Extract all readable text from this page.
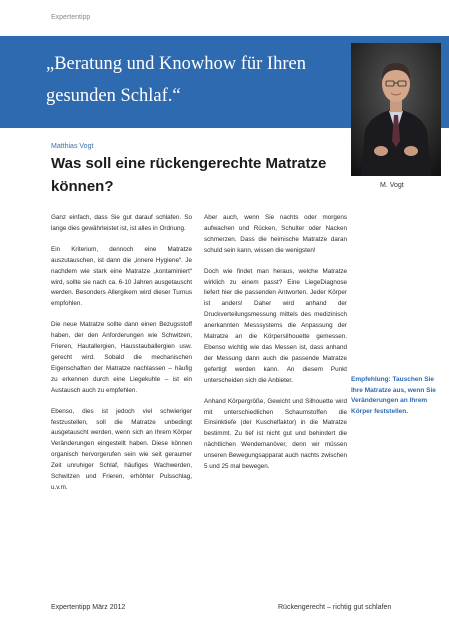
Expertentipp
„Beratung und Knowhow für Ihren
gesunden Schlaf.“
M. Vogt
Matthias Vogt
Was soll eine rückengerechte Matratze
können?

Ganz einfach, dass Sie gut darauf schlafen. So lange dies gewährleistet ist, ist alles in Ordnung.

Ein Kriterium, dennoch eine Matratze auszutauschen, ist dann die „innere Hygiene“. Je nachdem wie stark eine Matratze „kontaminiert“ wird, sollte sie nach ca. 6-10 Jahren ausgetauscht werden. Besonders Allergikern wird dieser Turnus empfohlen.

Die neue Matratze sollte dann einen Bezugsstoff haben, der den Anforderungen wie Schwitzen, Frieren, Hautallergien, Hausstauballergien usw. gerecht wird. Sobald die mechanischen Eigenschaften der Matratze nachlassen – häufig zu erkennen durch eine Liegekuhle – ist ein Austausch auch zu empfehlen.

Ebenso, dies ist jedoch viel schwieriger festzustellen, soll die Matratze unbedingt ausgetauscht werden, wenn sich an Ihrem Körper Veränderungen eingestellt haben. Diese können organisch hervorgerufen sein wie seit geraumer Zeit unruhiger Schlaf, häufiges Wachwerden, Schwitzen und Frieren, erhöhter Pulsschlag, u.v.m.

Aber auch, wenn Sie nachts oder morgens aufwachen und Rücken, Schulter oder Nacken schmerzen. Dass die heimische Matratze daran schuld sein kann, wissen die wenigsten!

Doch wie findet man heraus, welche Matratze wirklich zu einem passt? Eine LiegeDiagnose liefert hier die passenden Antworten. Jeder Körper ist anders! Daher wird anhand der Druckverteilungsmessung mittels des medizinisch anerkannten Messsystems die Anpassung der Matratze an die Körpersilhouette gemessen. Ebenso wichtig wie das Messen ist, dass anhand der Messung dann auch die passende Matratze gefertigt werden kann. An diesem Punkt unterscheiden sich die Anbieter.

Anhand Körpergröße, Gewicht und Silhouette wird mit unterschiedlichen Schaumstoffen die Einsinktiefe (der Kuschelfaktor) in die Matratze bestimmt. Zu tief ist nicht gut und behindert die nächtlichen Wendemanöver, denn wir müssen unseren Bewegungsapparat auch nachts zwischen 5 und 25 mal bewegen.

Empfehlung: Tauschen Sie Ihre Matratze aus, wenn Sie Veränderungen an Ihrem Körper feststellen.
Expertentipp März 2012	Rückengerecht – richtig gut schlafen
